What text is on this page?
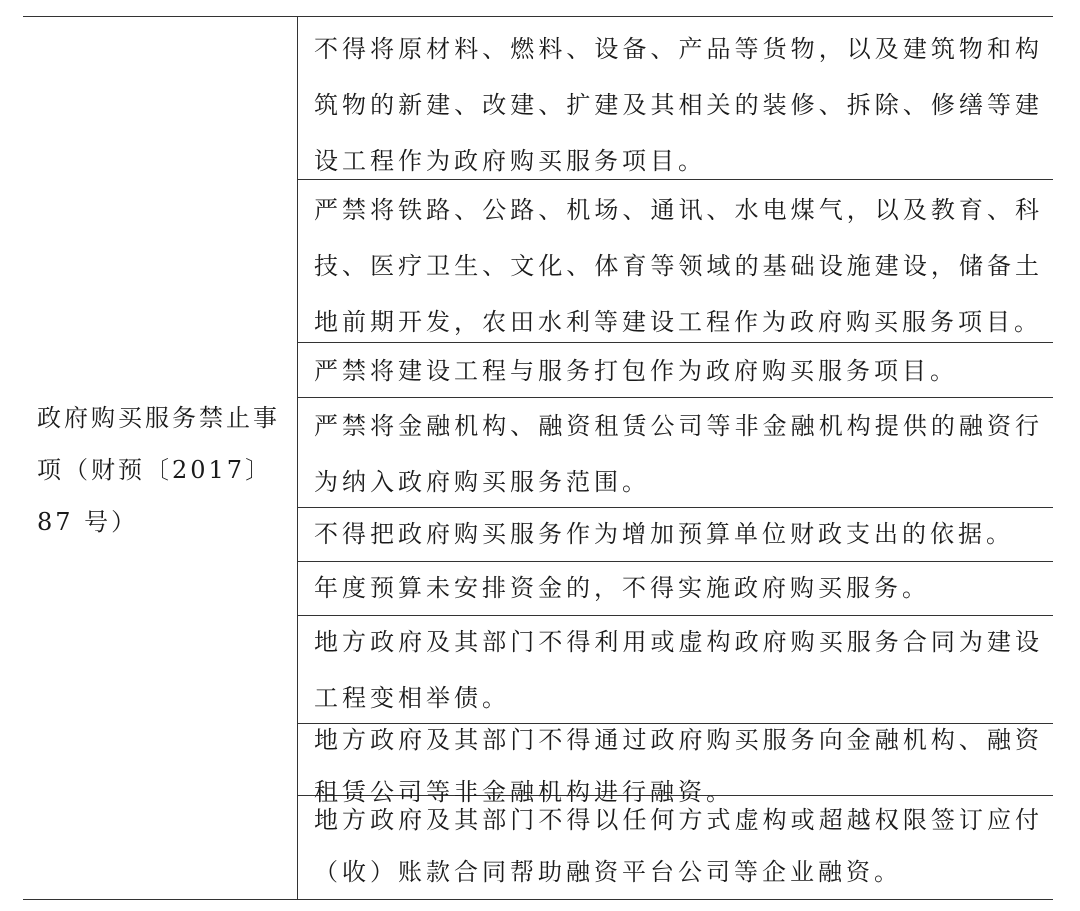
政府购买服务禁止事项（财预〔2017〕87 号）
不得将原材料、燃料、设备、产品等货物，以及建筑物和构筑物的新建、改建、扩建及其相关的装修、拆除、修缮等建设工程作为政府购买服务项目。
严禁将铁路、公路、机场、通讯、水电煤气，以及教育、科技、医疗卫生、文化、体育等领域的基础设施建设，储备土地前期开发，农田水利等建设工程作为政府购买服务项目。
严禁将建设工程与服务打包作为政府购买服务项目。
严禁将金融机构、融资租赁公司等非金融机构提供的融资行为纳入政府购买服务范围。
不得把政府购买服务作为增加预算单位财政支出的依据。
年度预算未安排资金的，不得实施政府购买服务。
地方政府及其部门不得利用或虚构政府购买服务合同为建设工程变相举债。
地方政府及其部门不得通过政府购买服务向金融机构、融资租赁公司等非金融机构进行融资。
地方政府及其部门不得以任何方式虚构或超越权限签订应付（收）账款合同帮助融资平台公司等企业融资。
